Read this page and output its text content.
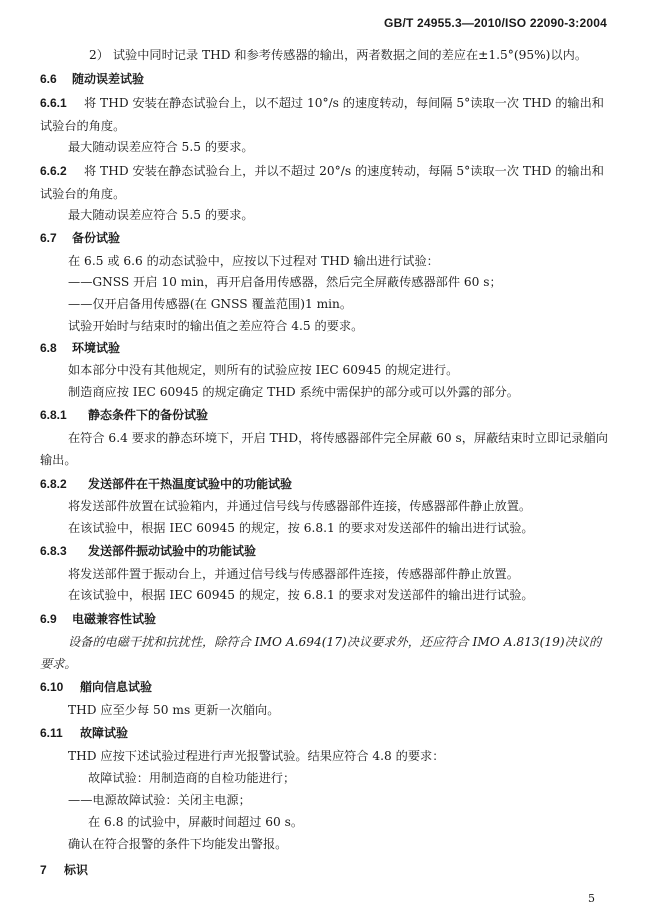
GB/T 24955.3—2010/ISO 22090-3:2004
2） 试验中同时记录 THD 和参考传感器的输出，两者数据之间的差应在±1.5°(95%)以内。
6.6 随动误差试验
6.6.1 将 THD 安装在静态试验台上，以不超过 10°/s 的速度转动，每间隔 5°读取一次 THD 的输出和
试验台的角度。
最大随动误差应符合 5.5 的要求。
6.6.2 将 THD 安装在静态试验台上，并以不超过 20°/s 的速度转动，每隔 5°读取一次 THD 的输出和
试验台的角度。
最大随动误差应符合 5.5 的要求。
6.7 备份试验
在 6.5 或 6.6 的动态试验中，应按以下过程对 THD 输出进行试验：
——GNSS 开启 10 min，再开启备用传感器，然后完全屏蔽传感器部件 60 s；
——仅开启备用传感器(在 GNSS 覆盖范围)1 min。
试验开始时与结束时的输出值之差应符合 4.5 的要求。
6.8 环境试验
如本部分中没有其他规定，则所有的试验应按 IEC 60945 的规定进行。
制造商应按 IEC 60945 的规定确定 THD 系统中需保护的部分或可以外露的部分。
6.8.1 静态条件下的备份试验
在符合 6.4 要求的静态环境下，开启 THD，将传感器部件完全屏蔽 60 s，屏蔽结束时立即记录艏向
输出。
6.8.2 发送部件在干热温度试验中的功能试验
将发送部件放置在试验箱内，并通过信号线与传感器部件连接，传感器部件静止放置。
在该试验中，根据 IEC 60945 的规定，按 6.8.1 的要求对发送部件的输出进行试验。
6.8.3 发送部件振动试验中的功能试验
将发送部件置于振动台上，并通过信号线与传感器部件连接，传感器部件静止放置。
在该试验中，根据 IEC 60945 的规定，按 6.8.1 的要求对发送部件的输出进行试验。
6.9 电磁兼容性试验
设备的电磁干扰和抗扰性，除符合 IMO A.694(17)决议要求外，还应符合 IMO A.813(19)决议的
要求。
6.10 艏向信息试验
THD 应至少每 50 ms 更新一次艏向。
6.11 故障试验
THD 应按下述试验过程进行声光报警试验。结果应符合 4.8 的要求：
故障试验：用制造商的自检功能进行；
——电源故障试验：关闭主电源；
在 6.8 的试验中，屏蔽时间超过 60 s。
确认在符合报警的条件下均能发出警报。
7 标识
5
